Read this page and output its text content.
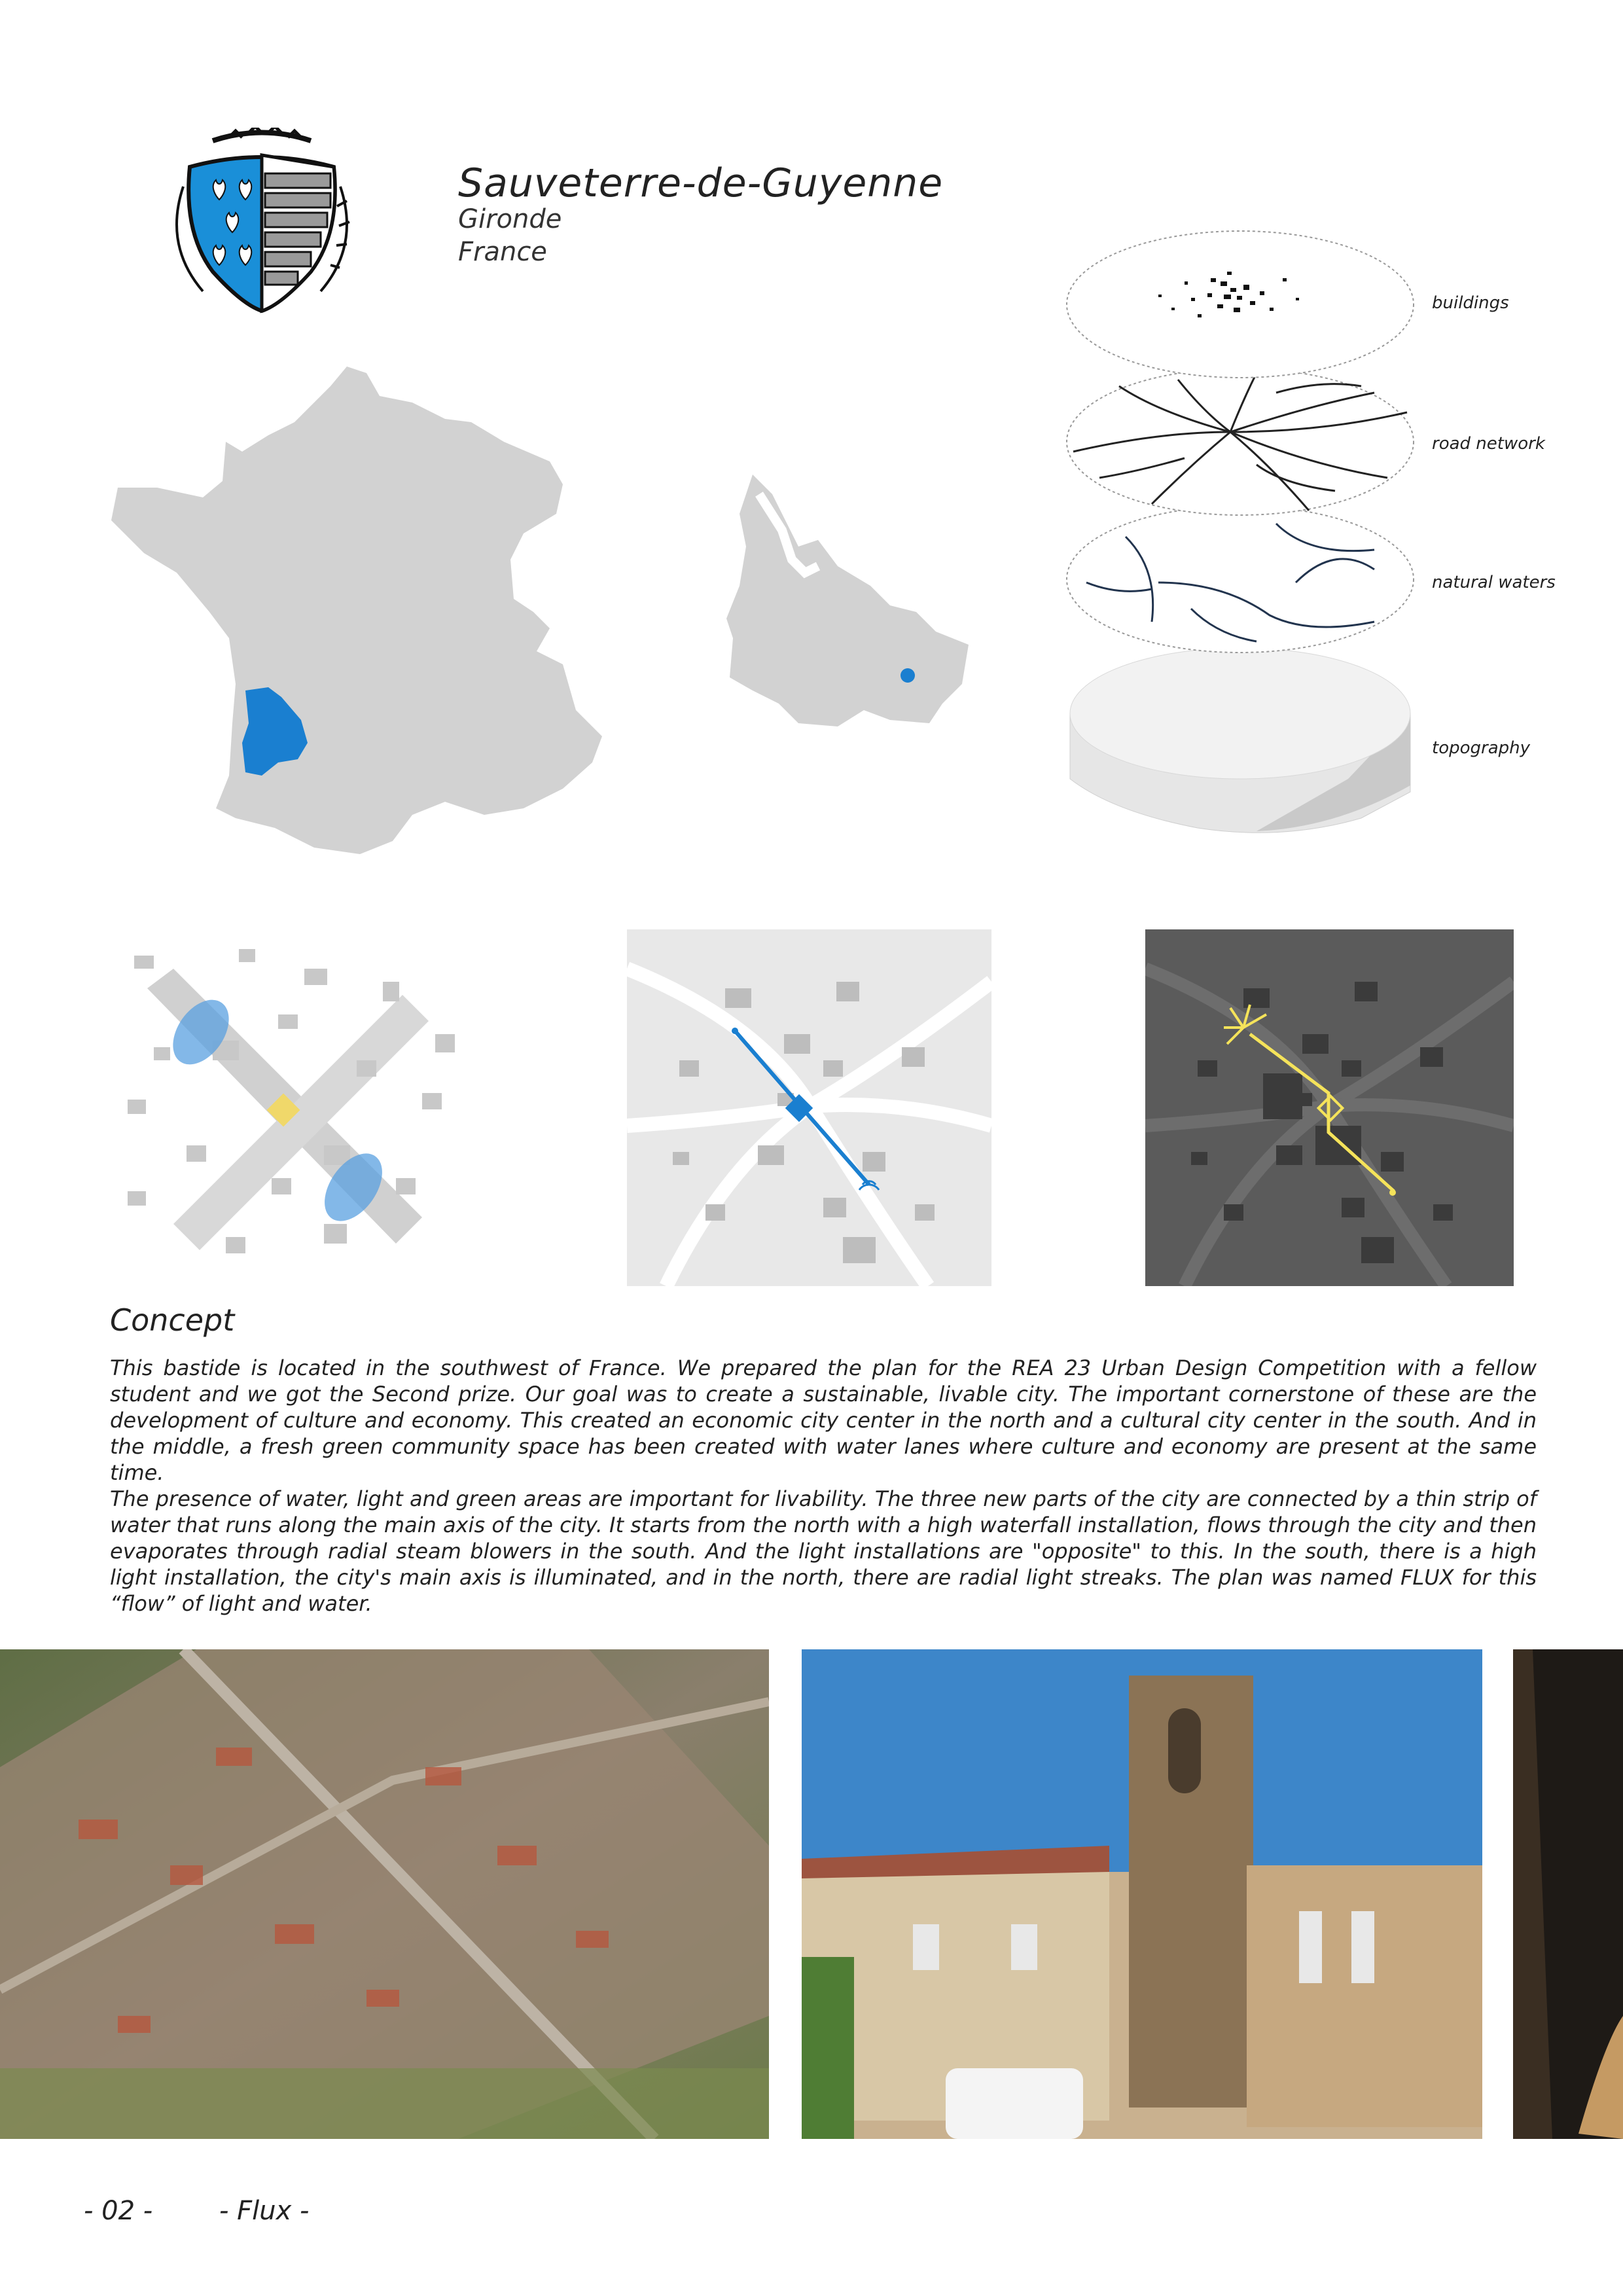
Sauveterre-de-Guyenne
Gironde
France
buildings
road network
natural waters
topography
Concept

This bastide is located in the southwest of France. We prepared the plan for the REA 23 Urban Design Competition with a fellow student and we got the Second prize. Our goal was to create a sustainable, livable city. The important cornerstone of these are the development of culture and economy. This created an economic city center in the north and a cultural city center in the south. And in the middle, a fresh green community space has been created with water lanes where culture and economy are present at the same time.

The presence of water, light and green areas are important for livability. The three new parts of the city are connected by a thin strip of water that runs along the main axis of the city. It starts from the north with a high waterfall installation, flows through the city and then evaporates through radial steam blowers in the south. And the light installations are "opposite" to this. In the south, there is a high light installation, the city's main axis is illuminated, and in the north, there are radial light streaks. The plan was named FLUX for this “flow” of light and water.

- 02 -	- Flux -
